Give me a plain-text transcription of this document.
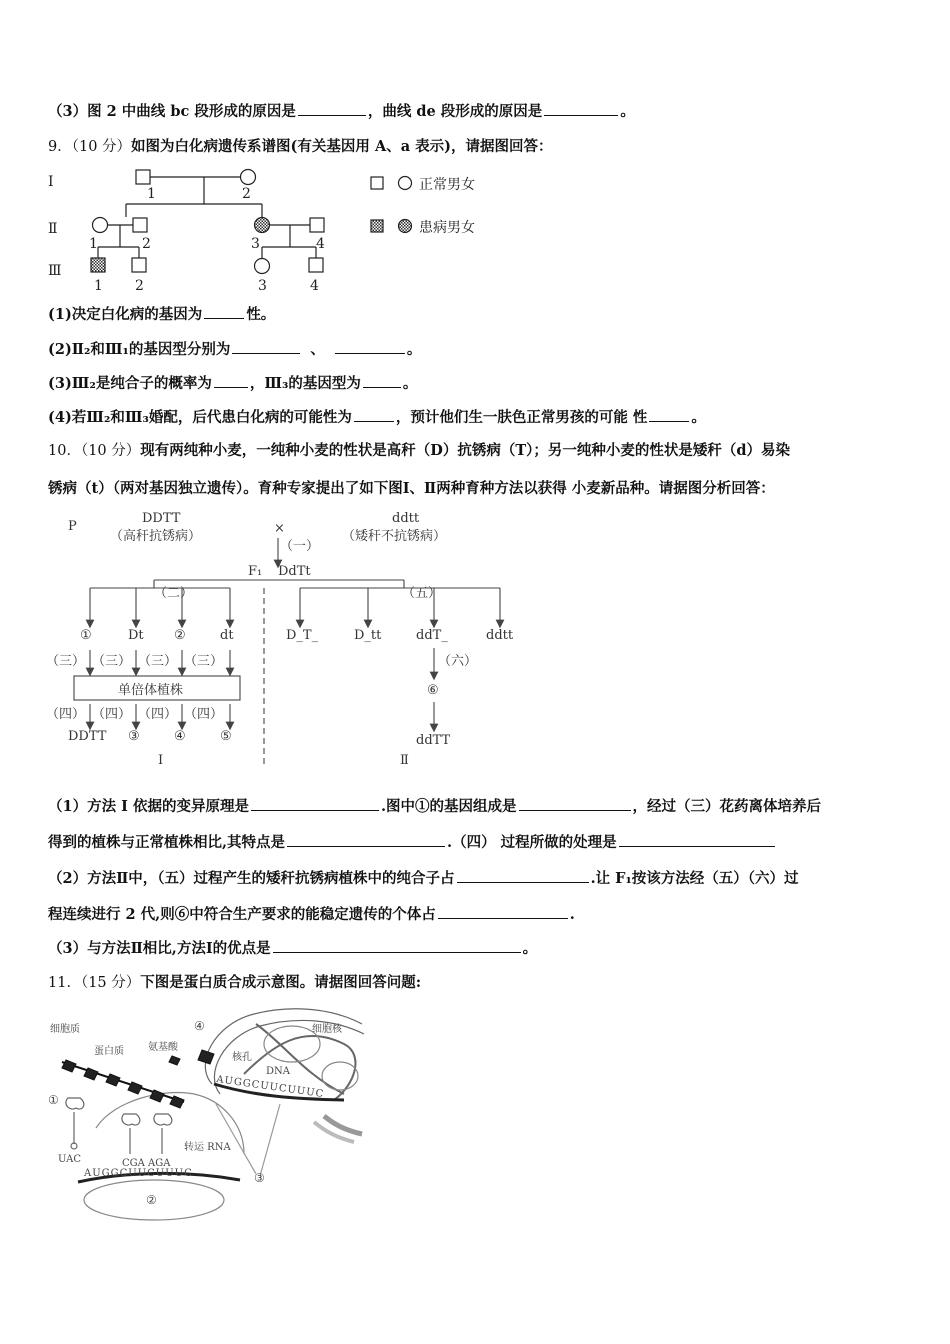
（3）图 2 中曲线 bc 段形成的原因是	，曲线 de 段形成的原因是	。
9．（10 分）如图为白化病遗传系谱图(有关基因用 A、a 表示)，请据图回答：
Ⅰ
Ⅱ
Ⅲ
1	2
1	2	3	4
1 2	3	4
正常男女
患病男女
(1)决定白化病的基因为	性。
(2)Ⅱ₂和Ⅲ₁的基因型分别为	、	。
(3)Ⅲ₂是纯合子的概率为	，Ⅲ₃的基因型为	。
(4)若Ⅲ₂和Ⅲ₃婚配，后代患白化病的可能性为	，预计他们生一肤色正常男孩的可能 性	。
10．（10 分）现有两纯种小麦，一纯种小麦的性状是高秆（D）抗锈病（T）；另一纯种小麦的性状是矮秆（d）易染
锈病（t）（两对基因独立遗传）。育种专家提出了如下图Ⅰ、Ⅱ两种育种方法以获得 小麦新品种。请据图分析回答：
P
DDTT
（高秆抗锈病）
×
ddtt
（矮秆不抗锈病）
（一）
F₁ DdTt
（二）	（五）
①	Dt ②	dt
（三） （三） （三） （三）
单倍体植株
（四） （四） （四） （四）
DDTT ③	④	⑤
D_T_	D_tt	ddT_	ddtt
（六）
⑥
ddTT
Ⅰ	Ⅱ
（1）方法 I 依据的变异原理是	.图中①的基因组成是	，经过（三）花药离体培养后
得到的植株与正常植株相比,其特点是	.（四） 过程所做的处理是
（2）方法Ⅱ中，（五）过程产生的矮秆抗锈病植株中的纯合子占	.让 F₁按该方法经（五）（六）过
程连续进行 2 代,则⑥中符合生产要求的能稳定遗传的个体占	.
（3）与方法Ⅱ相比,方法Ⅰ的优点是	。
11．（15 分）下图是蛋白质合成示意图。请据图回答问题:
细胞质	细胞核
蛋白质 氨基酸
核孔
DNA
转运 RNA
①
②
③
④
UAC	CGA AGA
AUGGCUUCUUUC
AUGGCUUCUUUC
